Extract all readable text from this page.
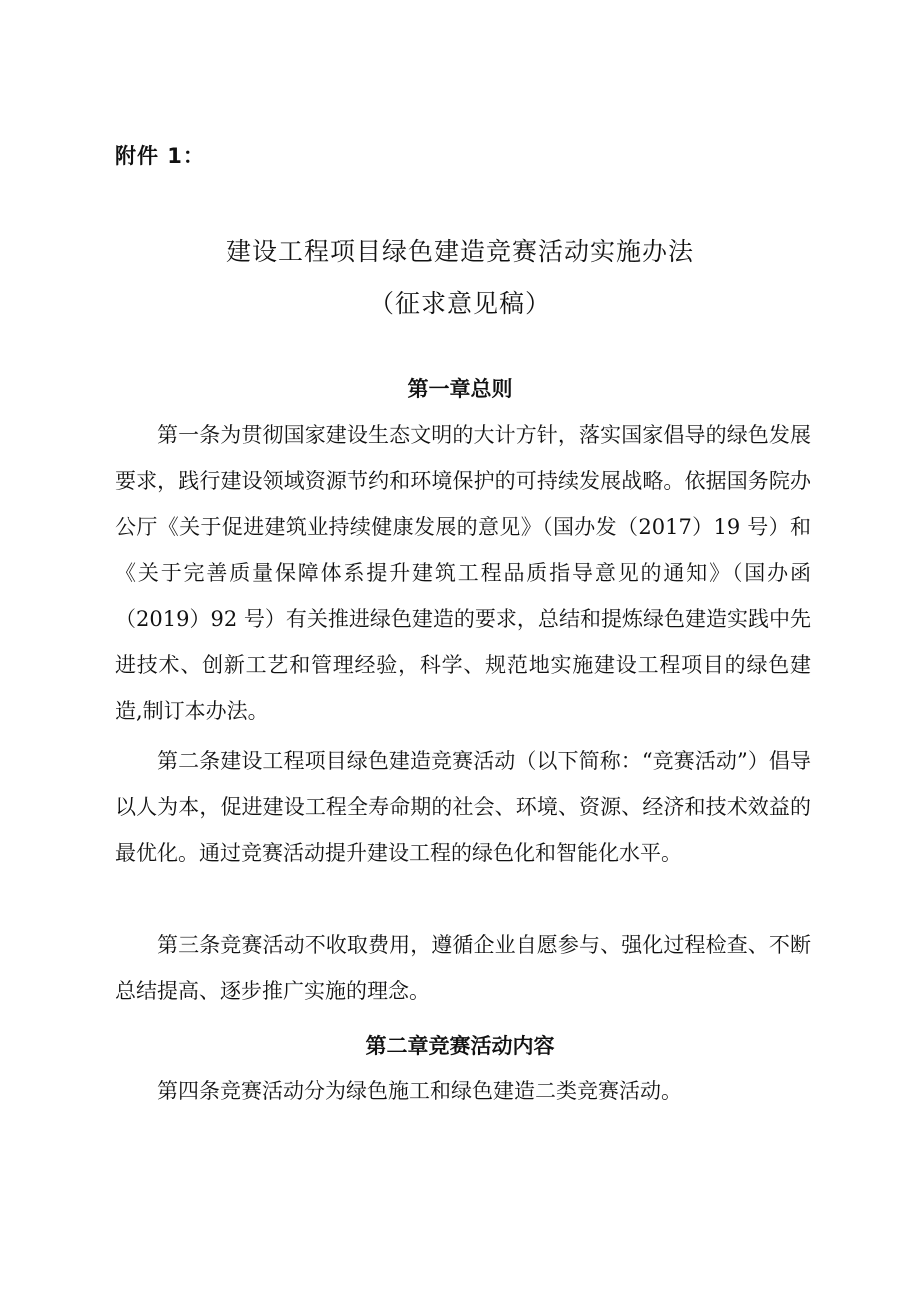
附件 1：
建设工程项目绿色建造竞赛活动实施办法
（征求意见稿）
第一章总则

第一条为贯彻国家建设生态文明的大计方针，落实国家倡导的绿色发展要求，践行建设领域资源节约和环境保护的可持续发展战略。依据国务院办公厅《关于促进建筑业持续健康发展的意见》（国办发（2017）19 号）和《关于完善质量保障体系提升建筑工程品质指导意见的通知》（国办函（2019）92 号）有关推进绿色建造的要求，总结和提炼绿色建造实践中先进技术、创新工艺和管理经验，科学、规范地实施建设工程项目的绿色建造,制订本办法。

第二条建设工程项目绿色建造竞赛活动（以下简称：“竞赛活动”）倡导以人为本，促进建设工程全寿命期的社会、环境、资源、经济和技术效益的最优化。通过竞赛活动提升建设工程的绿色化和智能化水平。

第三条竞赛活动不收取费用，遵循企业自愿参与、强化过程检查、不断总结提高、逐步推广实施的理念。

第二章竞赛活动内容

第四条竞赛活动分为绿色施工和绿色建造二类竞赛活动。
